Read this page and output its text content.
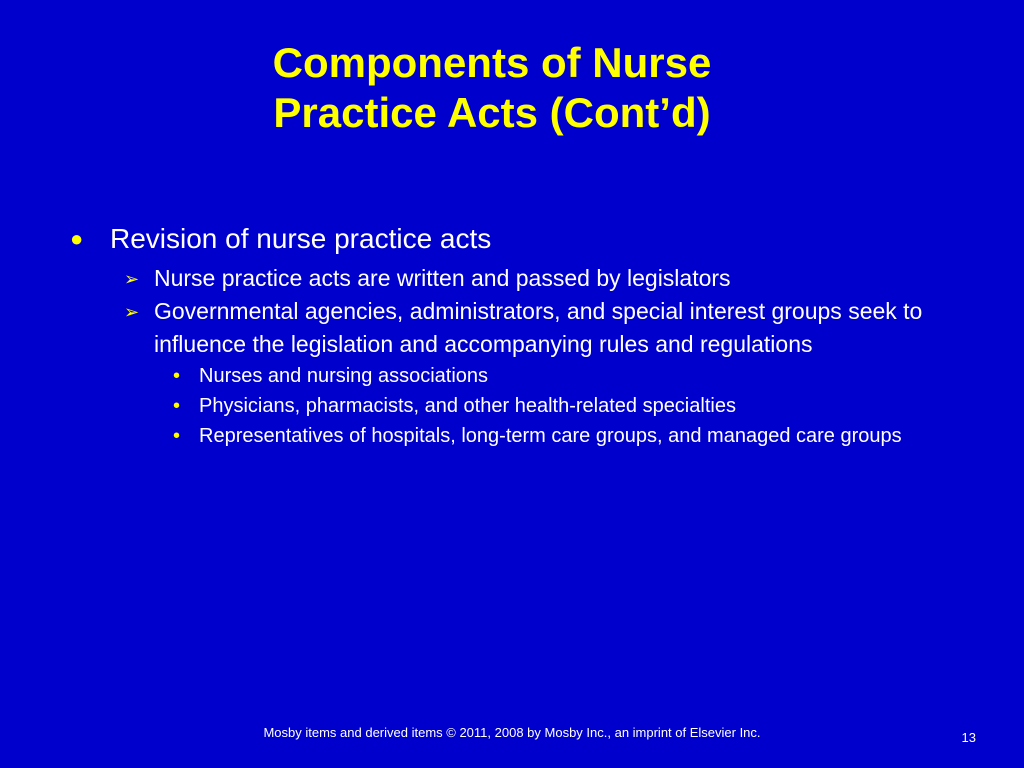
Components of Nurse
Practice Acts (Cont’d)
● Revision of nurse practice acts
➢ Nurse practice acts are written and passed by legislators
➢ Governmental agencies, administrators, and special interest groups seek to influence the legislation and accompanying rules and regulations
• Nurses and nursing associations
• Physicians, pharmacists, and other health-related specialties
• Representatives of hospitals, long-term care groups, and managed care groups
Mosby items and derived items © 2011, 2008 by Mosby Inc., an imprint of Elsevier Inc.	13
